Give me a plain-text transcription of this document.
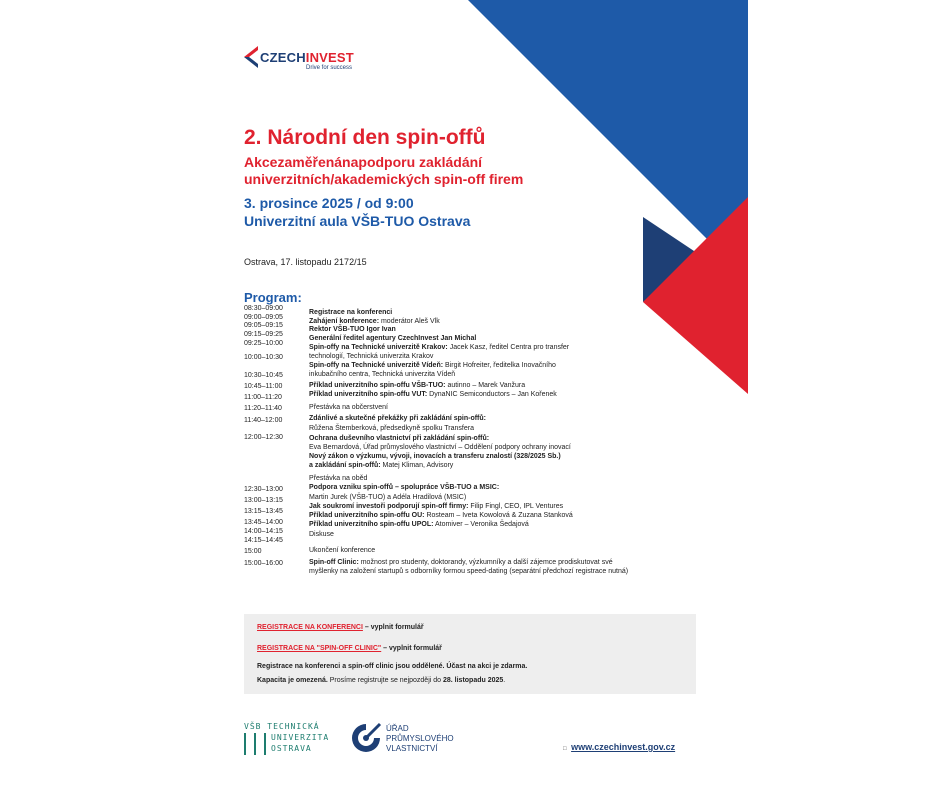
CZECHINVEST
Drive for success
2. Národní den spin-offů
Akcezaměřenánapodporu zakládání
univerzitních/akademických spin-off firem
3. prosince 2025 / od 9:00
Univerzitní aula VŠB-TUO Ostrava
Ostrava, 17. listopadu 2172/15
Program:
08:30–09:00
09:00–09:05
09:05–09:15
09:15–09:25
09:25–10:00
10:00–10:30
10:30–10:45
10:45–11:00
11:00–11:20
11:20–11:40
11:40–12:00
12:00–12:30
12:30–13:00
13:00–13:15
13:15–13:45
13:45–14:00
14:00–14:15
14:15–14:45
15:00
15:00–16:00
Registrace na konferenci
Zahájení konference: moderátor Aleš Vlk
Rektor VŠB-TUO Igor Ivan
Generální ředitel agentury CzechInvest Jan Michal
Spin-offy na Technické univerzitě Krakov: Jacek Kasz, ředitel Centra pro transfer
technologií, Technická univerzita Krakov
Spin-offy na Technické univerzitě Vídeň: Birgit Hofreiter, ředitelka Inovačního
inkubačního centra, Technická univerzita Vídeň
Příklad univerzitního spin-offu VŠB-TUO: autinno – Marek Vanžura
Příklad univerzitního spin-offu VUT: DynaNIC Semiconductors – Jan Kořenek
Přestávka na občerstvení
Zdánlivé a skutečné překážky při zakládání spin-offů:
Růžena Štemberková, předsedkyně spolku Transfera
Ochrana duševního vlastnictví při zakládání spin-offů:
Eva Bernardová, Úřad průmyslového vlastnictví – Oddělení podpory ochrany inovací
Nový zákon o výzkumu, vývoji, inovacích a transferu znalostí (328/2025 Sb.)
a zakládání spin-offů: Matej Kliman, Advisory
Přestávka na oběd
Podpora vzniku spin-offů – spolupráce VŠB-TUO a MSIC:
Martin Jurek (VŠB-TUO) a Adéla Hradilová (MSIC)
Jak soukromí investoři podporují spin-off firmy: Filip Fingl, CEO, IPL Ventures
Příklad univerzitního spin-offu OU: Rosteam – Iveta Kowolová & Zuzana Stanková
Příklad univerzitního spin-offu UPOL: Atomiver – Veronika Šedajová
Diskuse
Ukončení konference
Spin-off Clinic: možnost pro studenty, doktorandy, výzkumníky a další zájemce prodiskutovat své
myšlenky na založení startupů s odborníky formou speed-dating (separátní předchozí registrace nutná)
REGISTRACE NA KONFERENCI – vyplnit formulář
REGISTRACE NA "SPIN-OFF CLINIC" – vyplnit formulář
Registrace na konferenci a spin-off clinic jsou oddělené. Účast na akci je zdarma.
Kapacita je omezená. Prosíme registrujte se nejpozději do 28. listopadu 2025.
VŠB TECHNICKÁ
UNIVERZITA
OSTRAVA
ÚŘAD
PRŮMYSLOVÉHO
VLASTNICTVÍ	□ www.czechinvest.gov.cz
